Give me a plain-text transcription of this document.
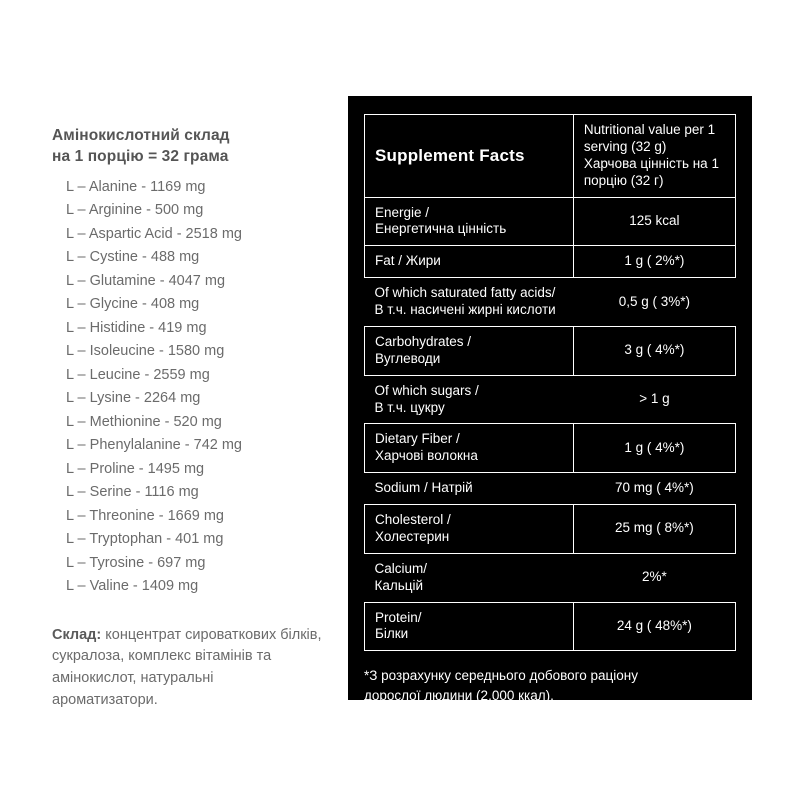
Амінокислотний склад
на 1 порцію = 32 грама
L – Alanine - 1169 mg
L – Arginine - 500 mg
L – Aspartic Acid - 2518 mg
L – Cystine - 488 mg
L – Glutamine - 4047 mg
L – Glycine - 408 mg
L – Histidine - 419 mg
L – Isoleucine - 1580 mg
L – Leucine - 2559 mg
L – Lysine - 2264 mg
L – Methionine - 520 mg
L – Phenylalanine - 742 mg
L – Proline - 1495 mg
L – Serine - 1116 mg
L – Threonine - 1669 mg
L – Tryptophan - 401 mg
L – Tyrosine - 697 mg
L – Valine - 1409 mg
Склад: концентрат сироваткових білків, сукралоза, комплекс вітамінів та амінокислот, натуральні ароматизатори.
Supplement Facts	Nutritional value per 1 serving (32 g)
Харчова цінність на 1 порцію (32 г)

Energie /
Енергетична цінність	125 kcal

Fat / Жири	1 g ( 2%*)

Of which saturated fatty acids/
В т.ч. насичені жирні кислоти	0,5 g ( 3%*)

Carbohydrates /
Вуглеводи	3 g ( 4%*)

Of which sugars /
В т.ч. цукру	> 1 g

Dietary Fiber /
Харчові волокна	1 g ( 4%*)

Sodium / Натрій	70 mg ( 4%*)

Cholesterol /
Холестерин	25 mg ( 8%*)

Calcium/
Кальцій	2%*

Protein/
Білки	24 g ( 48%*)

*З розрахунку середнього добового раціону

дорослої людини (2,000 ккал).

*Reference intake of an average adult (2,000 kcal).
